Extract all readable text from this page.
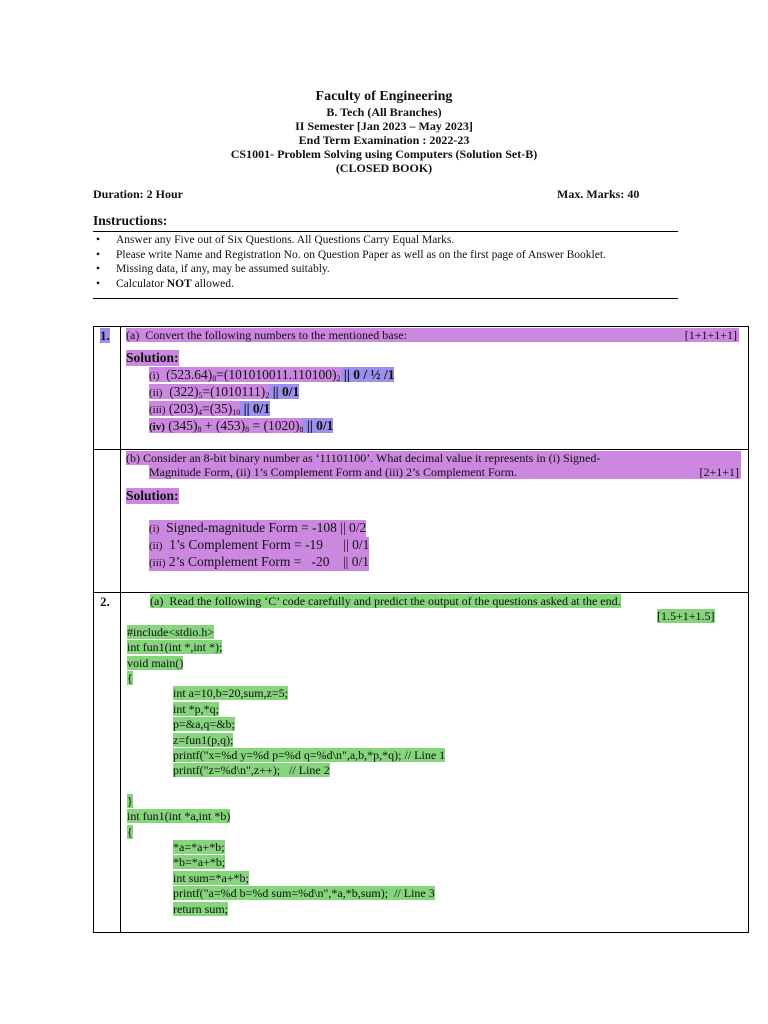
Faculty of Engineering
B. Tech (All Branches)
II Semester [Jan 2023 – May 2023]
End Term Examination : 2022-23
CS1001- Problem Solving using Computers (Solution Set-B)
(CLOSED BOOK)
Duration: 2 Hour	Max. Marks: 40
Instructions:
• Answer any Five out of Six Questions. All Questions Carry Equal Marks.
• Please write Name and Registration No. on Question Paper as well as on the first page of Answer Booklet.
• Missing data, if any, may be assumed suitably.
• Calculator NOT allowed.
1. (a)  Convert the following numbers to the mentioned base:	[1+1+1+1]
Solution:
(i) $(523.64)_8=(101010011.110100)_2$ || 0 / ½ /1
(ii) $(322)_5=(1010111)_2$ || 0/1
(iii) $(203)_4=(35)_{10}$ || 0/1
(iv) $(345)_8 + (453)_8 = (1020)_8$ || 0/1
(b) Consider an 8-bit binary number as ‘11101100’. What decimal value it represents in (i) Signed-
Magnitude Form, (ii) 1’s Complement Form and (iii) 2’s Complement Form.	[2+1+1]
Solution:
(i)  Signed-magnitude Form = -108 || 0/2
(ii)  1’s Complement Form = -19      || 0/1
(iii) 2’s Complement Form =   -20    || 0/1
2.	(a)  Read the following ‘C’ code carefully and predict the output of the questions asked at the end.
[1.5+1+1.5]
#include<stdio.h>
int fun1(int *,int *);
void main()
{
int a=10,b=20,sum,z=5;
int *p,*q;
p=&a,q=&b;
z=fun1(p,q);
printf("x=%d y=%d p=%d q=%d\n",a,b,*p,*q); // Line 1
printf("z=%d\n",z++);   // Line 2
}
int fun1(int *a,int *b)
{
*a=*a+*b;
*b=*a+*b;
int sum=*a+*b;
printf("a=%d b=%d sum=%d\n",*a,*b,sum);  // Line 3
return sum;
